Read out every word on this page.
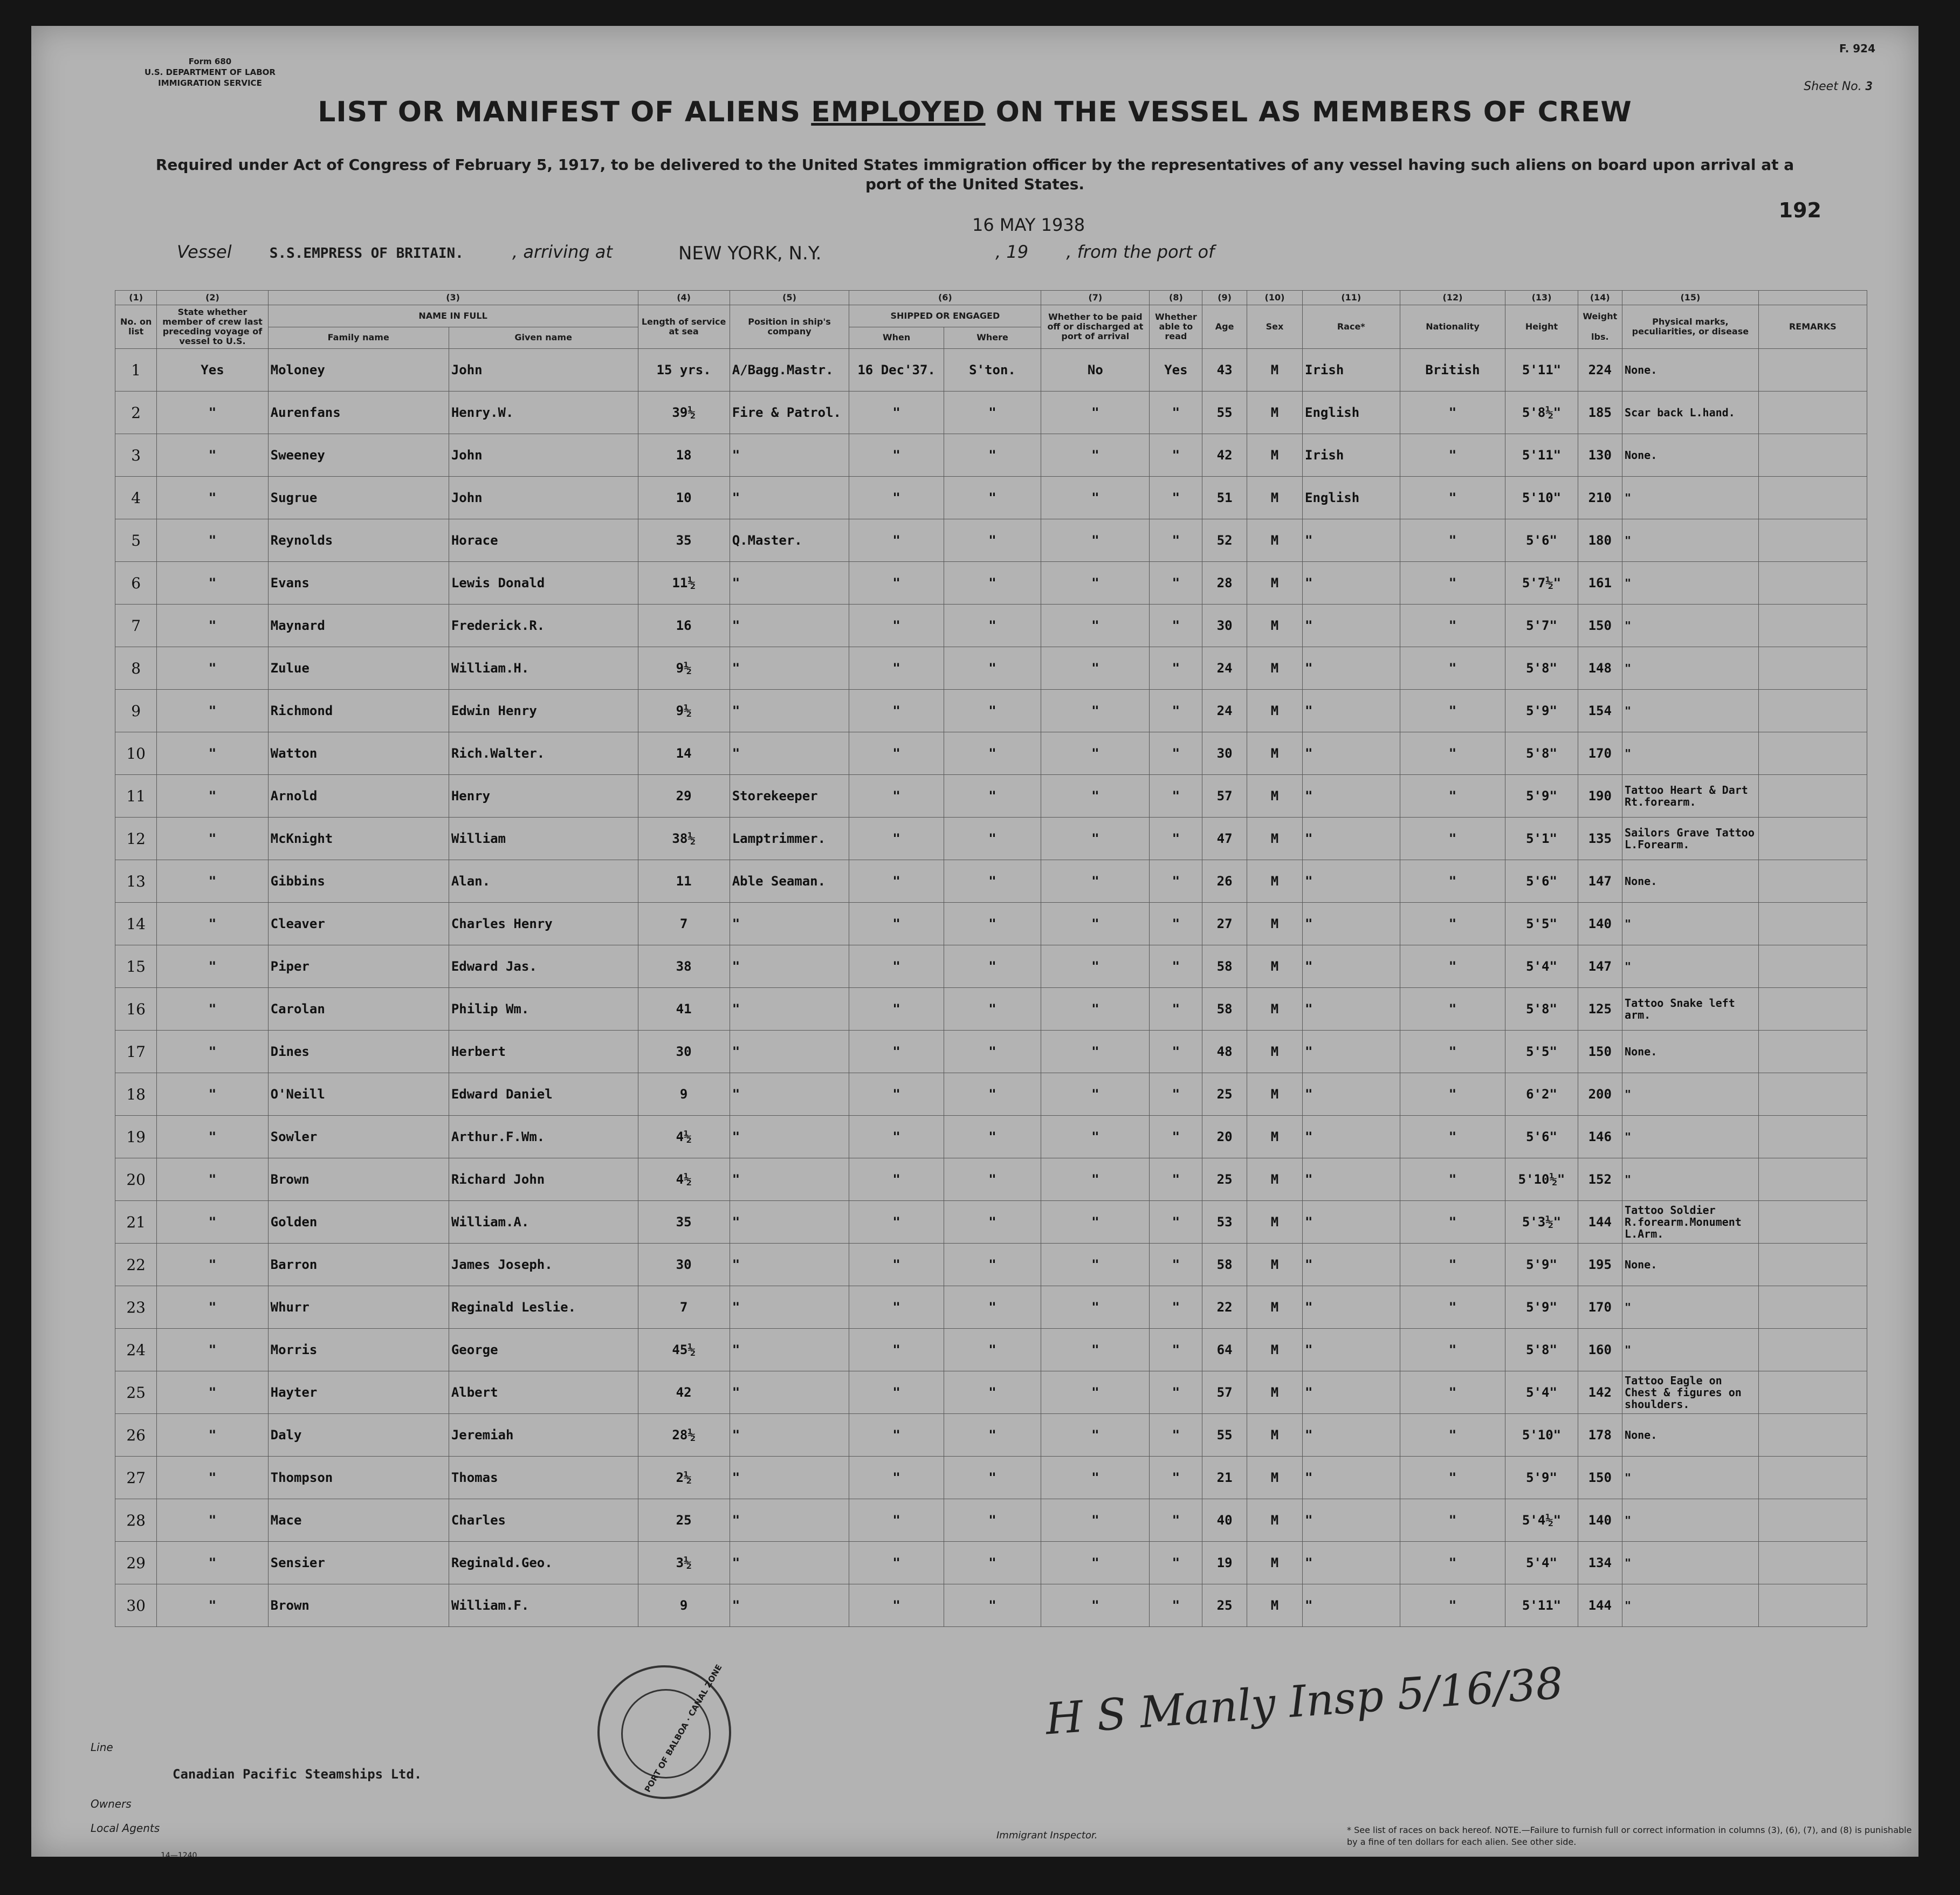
Form 680
U.S. DEPARTMENT OF LABOR
IMMIGRATION SERVICE
F. 924
Sheet No. 3
LIST OR MANIFEST OF ALIENS EMPLOYED ON THE VESSEL AS MEMBERS OF CREW
Required under Act of Congress of February 5, 1917, to be delivered to the United States immigration officer by the representatives of any vessel having such aliens on board upon arrival at a port of the United States.
192
Vessel	S.S.EMPRESS OF BRITAIN.	, arriving at	, 19 , from the port of
NEW YORK, N.Y.
16 MAY 1938
(1)	(2)	(3)		(4)	(5)	(6)		(7)	(8)	(9)	(10)	(11)	(12)	(13)	(14)	(15)	
No. on list	State whether member of crew last preceding voyage of vessel to U.S.	NAME IN FULL		Length of service at sea	Position in ship's company	SHIPPED OR ENGAGED		Whether to be paid off or discharged at port of arrival	Whether able to read	Age	Sex	Race*	Nationality	Height	Weight
lbs.	Physical marks, peculiarities, or disease	REMARKS
		Family name	Given name			When	Where										
1	Yes	Moloney	John	15 yrs.	A/Bagg.Mastr.	16 Dec'37.	S'ton.	No	Yes	43	M	Irish	British	5'11"	224	None.	
2	"	Aurenfans	Henry.W.	39½	Fire & Patrol.	"	"	"	"	55	M	English	"	5'8½"	185	Scar back L.hand.	
3	"	Sweeney	John	18	"	"	"	"	"	42	M	Irish	"	5'11"	130	None.	
4	"	Sugrue	John	10	"	"	"	"	"	51	M	English	"	5'10"	210	"	
5	"	Reynolds	Horace	35	Q.Master.	"	"	"	"	52	M	"	"	5'6"	180	"	
6	"	Evans	Lewis Donald	11½	"	"	"	"	"	28	M	"	"	5'7½"	161	"	
7	"	Maynard	Frederick.R.	16	"	"	"	"	"	30	M	"	"	5'7"	150	"	
8	"	Zulue	William.H.	9½	"	"	"	"	"	24	M	"	"	5'8"	148	"	
9	"	Richmond	Edwin Henry	9½	"	"	"	"	"	24	M	"	"	5'9"	154	"	
10	"	Watton	Rich.Walter.	14	"	"	"	"	"	30	M	"	"	5'8"	170	"	
11	"	Arnold	Henry	29	Storekeeper	"	"	"	"	57	M	"	"	5'9"	190	Tattoo Heart & Dart Rt.forearm.	
12	"	McKnight	William	38½	Lamptrimmer.	"	"	"	"	47	M	"	"	5'1"	135	Sailors Grave Tattoo L.Forearm.	
13	"	Gibbins	Alan.	11	Able Seaman.	"	"	"	"	26	M	"	"	5'6"	147	None.	
14	"	Cleaver	Charles Henry	7	"	"	"	"	"	27	M	"	"	5'5"	140	"	
15	"	Piper	Edward Jas.	38	"	"	"	"	"	58	M	"	"	5'4"	147	"	
16	"	Carolan	Philip Wm.	41	"	"	"	"	"	58	M	"	"	5'8"	125	Tattoo Snake left arm.	
17	"	Dines	Herbert	30	"	"	"	"	"	48	M	"	"	5'5"	150	None.	
18	"	O'Neill	Edward Daniel	9	"	"	"	"	"	25	M	"	"	6'2"	200	"	
19	"	Sowler	Arthur.F.Wm.	4½	"	"	"	"	"	20	M	"	"	5'6"	146	"	
20	"	Brown	Richard John	4½	"	"	"	"	"	25	M	"	"	5'10½"	152	"	
21	"	Golden	William.A.	35	"	"	"	"	"	53	M	"	"	5'3½"	144	Tattoo Soldier R.forearm.Monument L.Arm.	
22	"	Barron	James Joseph.	30	"	"	"	"	"	58	M	"	"	5'9"	195	None.	
23	"	Whurr	Reginald Leslie.	7	"	"	"	"	"	22	M	"	"	5'9"	170	"	
24	"	Morris	George	45½	"	"	"	"	"	64	M	"	"	5'8"	160	"	
25	"	Hayter	Albert	42	"	"	"	"	"	57	M	"	"	5'4"	142	Tattoo Eagle on Chest & figures on shoulders.	
26	"	Daly	Jeremiah	28½	"	"	"	"	"	55	M	"	"	5'10"	178	None.	
27	"	Thompson	Thomas	2½	"	"	"	"	"	21	M	"	"	5'9"	150	"	
28	"	Mace	Charles	25	"	"	"	"	"	40	M	"	"	5'4½"	140	"	
29	"	Sensier	Reginald.Geo.	3½	"	"	"	"	"	19	M	"	"	5'4"	134	"	
30	"	Brown	William.F.	9	"	"	"	"	"	25	M	"	"	5'11"	144	"	
Line
Canadian Pacific Steamships Ltd.
Owners
Local Agents
14—1240
Immigrant Inspector.	* See list of races on back hereof. NOTE.—Failure to furnish full or correct information in columns (3), (6), (7), and (8) is punishable by a fine of ten dollars for each alien. See other side.
PORT OF BALBOA · CANAL ZONE	H S Manly Insp 5/16/38
